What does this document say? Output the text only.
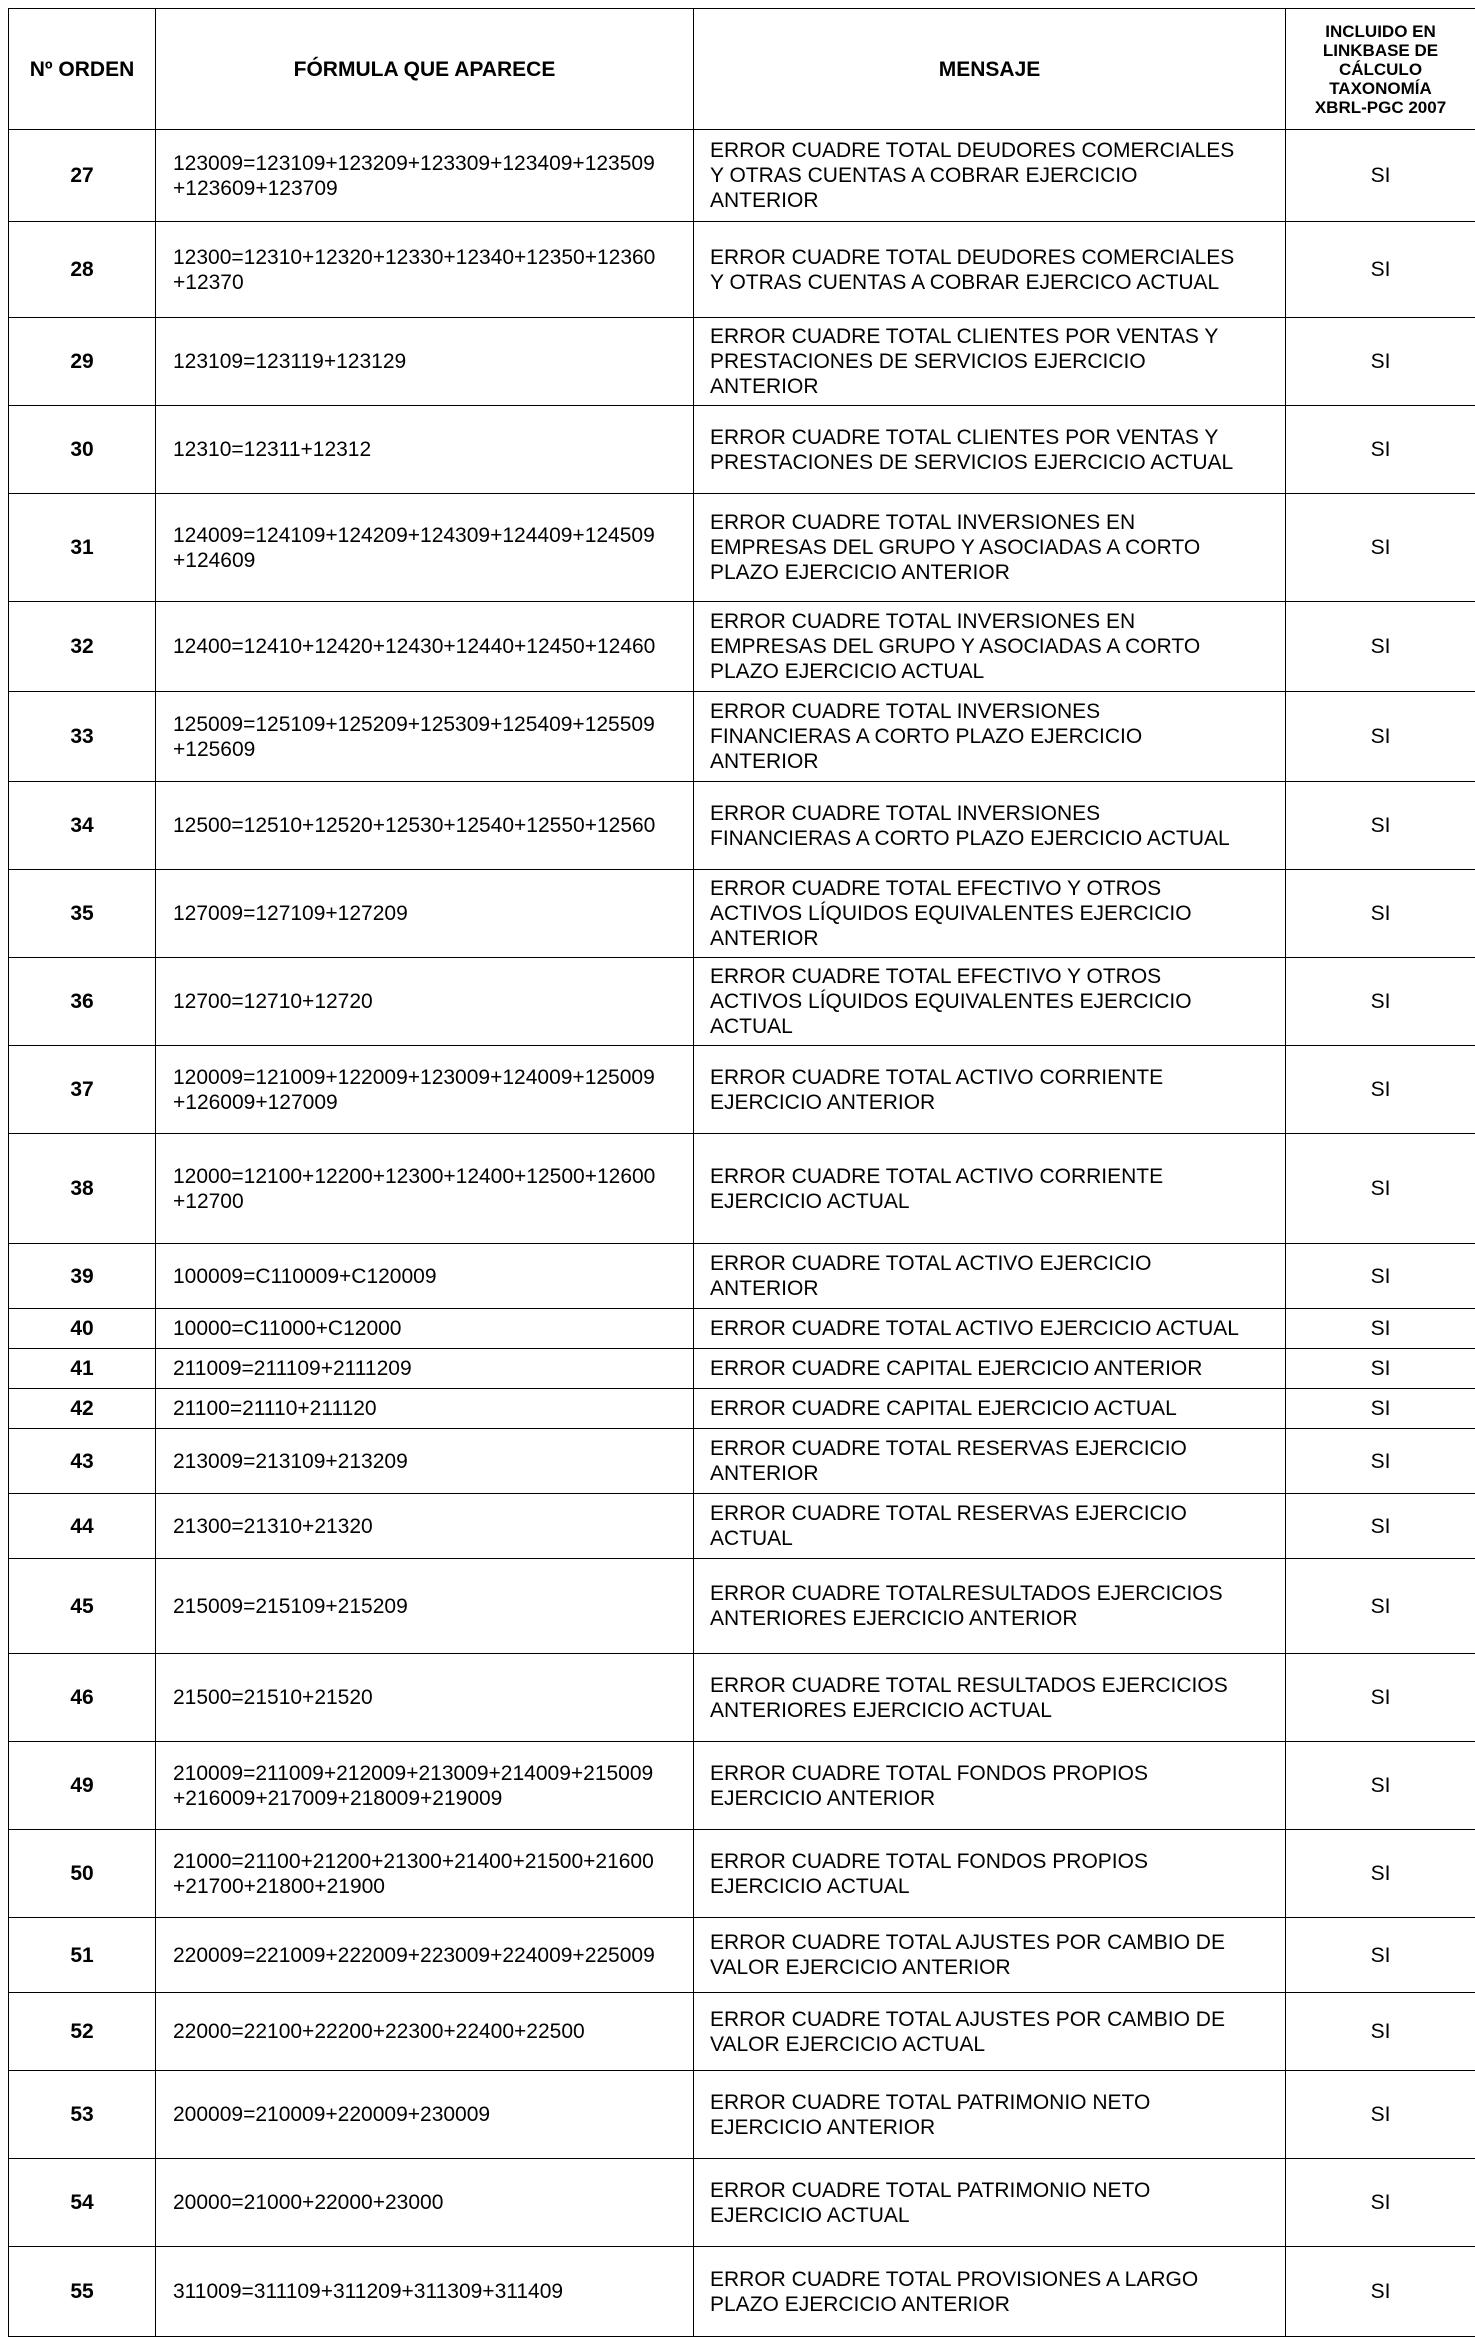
Nº ORDEN	FÓRMULA QUE APARECE	MENSAJE	INCLUIDO EN
LINKBASE DE
CÁLCULO
TAXONOMÍA
XBRL-PGC 2007

27	123009=123109+123209+123309+123409+123509
+123609+123709	ERROR CUADRE TOTAL DEUDORES COMERCIALES
Y OTRAS CUENTAS A COBRAR EJERCICIO
ANTERIOR	SI

28	12300=12310+12320+12330+12340+12350+12360
+12370	ERROR CUADRE TOTAL DEUDORES COMERCIALES
Y OTRAS CUENTAS A COBRAR EJERCICO ACTUAL	SI

29	123109=123119+123129	ERROR CUADRE TOTAL CLIENTES POR VENTAS Y
PRESTACIONES DE SERVICIOS EJERCICIO
ANTERIOR	SI

30	12310=12311+12312	ERROR CUADRE TOTAL CLIENTES POR VENTAS Y
PRESTACIONES DE SERVICIOS EJERCICIO ACTUAL	SI

31	124009=124109+124209+124309+124409+124509
+124609	ERROR CUADRE TOTAL INVERSIONES EN
EMPRESAS DEL GRUPO Y ASOCIADAS A CORTO
PLAZO EJERCICIO ANTERIOR	SI

32	12400=12410+12420+12430+12440+12450+12460	ERROR CUADRE TOTAL INVERSIONES EN
EMPRESAS DEL GRUPO Y ASOCIADAS A CORTO
PLAZO EJERCICIO ACTUAL	SI

33	125009=125109+125209+125309+125409+125509
+125609	ERROR CUADRE TOTAL INVERSIONES
FINANCIERAS A CORTO PLAZO EJERCICIO
ANTERIOR	SI

34	12500=12510+12520+12530+12540+12550+12560	ERROR CUADRE TOTAL INVERSIONES
FINANCIERAS A CORTO PLAZO EJERCICIO ACTUAL	SI

35	127009=127109+127209	ERROR CUADRE TOTAL EFECTIVO Y OTROS
ACTIVOS LÍQUIDOS EQUIVALENTES EJERCICIO
ANTERIOR	SI

36	12700=12710+12720	ERROR CUADRE TOTAL EFECTIVO Y OTROS
ACTIVOS LÍQUIDOS EQUIVALENTES EJERCICIO
ACTUAL	SI

37	120009=121009+122009+123009+124009+125009
+126009+127009	ERROR CUADRE TOTAL ACTIVO CORRIENTE
EJERCICIO ANTERIOR	SI

38	12000=12100+12200+12300+12400+12500+12600
+12700	ERROR CUADRE TOTAL ACTIVO CORRIENTE
EJERCICIO ACTUAL	SI

39	100009=C110009+C120009	ERROR CUADRE TOTAL ACTIVO EJERCICIO
ANTERIOR	SI

40	10000=C11000+C12000	ERROR CUADRE TOTAL ACTIVO EJERCICIO ACTUAL	SI

41	211009=211109+2111209	ERROR CUADRE CAPITAL EJERCICIO ANTERIOR	SI

42	21100=21110+211120	ERROR CUADRE CAPITAL EJERCICIO ACTUAL	SI

43	213009=213109+213209	ERROR CUADRE TOTAL RESERVAS EJERCICIO
ANTERIOR	SI

44	21300=21310+21320	ERROR CUADRE TOTAL RESERVAS EJERCICIO
ACTUAL	SI

45	215009=215109+215209	ERROR CUADRE TOTALRESULTADOS EJERCICIOS
ANTERIORES EJERCICIO ANTERIOR	SI

46	21500=21510+21520	ERROR CUADRE TOTAL RESULTADOS EJERCICIOS
ANTERIORES EJERCICIO ACTUAL	SI

49	210009=211009+212009+213009+214009+215009
+216009+217009+218009+219009	ERROR CUADRE TOTAL FONDOS PROPIOS
EJERCICIO ANTERIOR	SI

50	21000=21100+21200+21300+21400+21500+21600
+21700+21800+21900	ERROR CUADRE TOTAL FONDOS PROPIOS
EJERCICIO ACTUAL	SI

51	220009=221009+222009+223009+224009+225009	ERROR CUADRE TOTAL AJUSTES POR CAMBIO DE
VALOR EJERCICIO ANTERIOR	SI

52	22000=22100+22200+22300+22400+22500	ERROR CUADRE TOTAL AJUSTES POR CAMBIO DE
VALOR EJERCICIO ACTUAL	SI

53	200009=210009+220009+230009	ERROR CUADRE TOTAL PATRIMONIO NETO
EJERCICIO ANTERIOR	SI

54	20000=21000+22000+23000	ERROR CUADRE TOTAL PATRIMONIO NETO
EJERCICIO ACTUAL	SI

55	311009=311109+311209+311309+311409	ERROR CUADRE TOTAL PROVISIONES A LARGO
PLAZO EJERCICIO ANTERIOR	SI
